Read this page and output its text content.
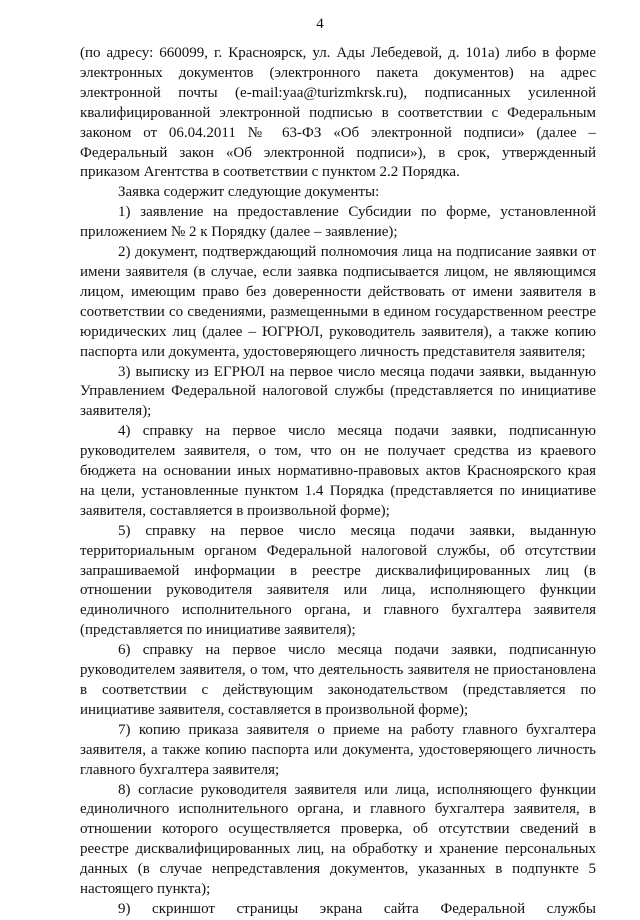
4

(по адресу: 660099, г. Красноярск, ул. Ады Лебедевой, д. 101а) либо в форме электронных документов (электронного пакета документов) на адрес электронной почты (e-mail:yaa@turizmkrsk.ru), подписанных усиленной квалифицированной электронной подписью в соответствии с Федеральным законом от 06.04.2011 № 63-ФЗ «Об электронной подписи» (далее – Федеральный закон «Об электронной подписи»), в срок, утвержденный приказом Агентства в соответствии с пунктом 2.2 Порядка.

Заявка содержит следующие документы:

1) заявление на предоставление Субсидии по форме, установленной приложением № 2 к Порядку (далее – заявление);

2) документ, подтверждающий полномочия лица на подписание заявки от имени заявителя (в случае, если заявка подписывается лицом, не являющимся лицом, имеющим право без доверенности действовать от имени заявителя в соответствии со сведениями, размещенными в едином государственном реестре юридических лиц (далее – ЮГРЮЛ, руководитель заявителя), а также копию паспорта или документа, удостоверяющего личность представителя заявителя;

3) выписку из ЕГРЮЛ на первое число месяца подачи заявки, выданную Управлением Федеральной налоговой службы (представляется по инициативе заявителя);

4) справку на первое число месяца подачи заявки, подписанную руководителем заявителя, о том, что он не получает средства из краевого бюджета на основании иных нормативно-правовых актов Красноярского края на цели, установленные пунктом 1.4 Порядка (представляется по инициативе заявителя, составляется в произвольной форме);

5) справку на первое число месяца подачи заявки, выданную территориальным органом Федеральной налоговой службы, об отсутствии запрашиваемой информации в реестре дисквалифицированных лиц (в отношении руководителя заявителя или лица, исполняющего функции единоличного исполнительного органа, и главного бухгалтера заявителя (представляется по инициативе заявителя);

6) справку на первое число месяца подачи заявки, подписанную руководителем заявителя, о том, что деятельность заявителя не приостановлена в соответствии с действующим законодательством (представляется по инициативе заявителя, составляется в произвольной форме);

7) копию приказа заявителя о приеме на работу главного бухгалтера заявителя, а также копию паспорта или документа, удостоверяющего личность главного бухгалтера заявителя;

8) согласие руководителя заявителя или лица, исполняющего функции единоличного исполнительного органа, и главного бухгалтера заявителя, в отношении которого осуществляется проверка, об отсутствии сведений в реестре дисквалифицированных лиц, на обработку и хранение персональных данных (в случае непредставления документов, указанных в подпункте 5 настоящего пункта);

9) скриншот страницы экрана сайта Федеральной службы
